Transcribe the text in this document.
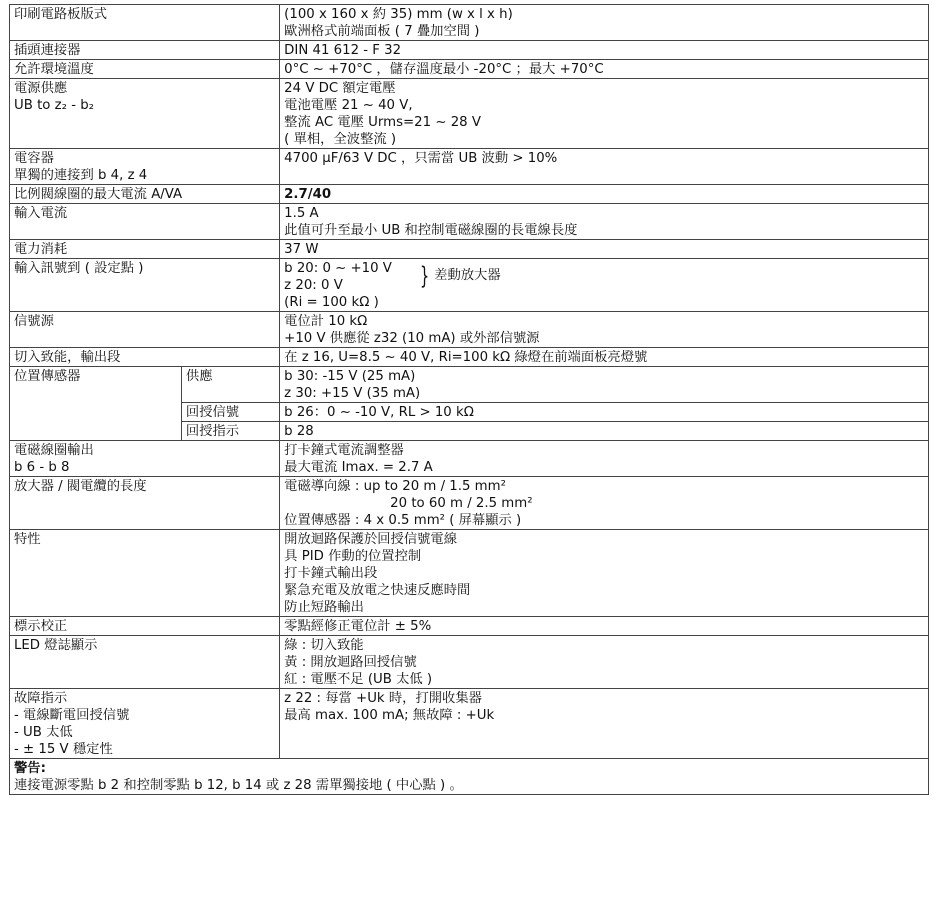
印刷電路板版式		(100 x 160 x 約 35) mm (w x l x h)
歐洲格式前端面板 ( 7 疊加空間 )

插頭連接器		DIN 41 612 - F 32

允許環境溫度		0°C ~ +70°C ，儲存溫度最小 -20°C ；最大 +70°C

電源供應
UB to z₂ - b₂		24 V DC 額定電壓
電池電壓 21 ~ 40 V,
整流 AC 電壓 Urms=21 ~ 28 V
( 單相，全波整流 )

電容器
單獨的連接到 b 4, z 4		4700 μF/63 V DC ，只需當 UB 波動 > 10%

比例閥線圈的最大電流 A/VA		2.7/40

輸入電流		1.5 A
此值可升至最小 UB 和控制電磁線圈的長電線長度

電力消耗		37 W

輸入訊號到 ( 設定點 )		b 20: 0 ~ +10 V
z 20: 0 V } 差動放大器
(Ri = 100 kΩ )

信號源		電位計 10 kΩ
+10 V 供應從 z32 (10 mA) 或外部信號源

切入致能，輸出段		在 z 16, U=8.5 ~ 40 V, Ri=100 kΩ 綠燈在前端面板亮燈號

位置傳感器	供應	b 30: -15 V (25 mA)
z 30: +15 V (35 mA)

	回授信號	b 26：0 ~ -10 V, RL > 10 kΩ

	回授指示	b 28

電磁線圈輸出
b 6 - b 8		打卡鐘式電流調整器
最大電流 Imax. = 2.7 A

放大器 / 閥電纜的長度		電磁導向線 : up to 20 m / 1.5 mm²
20 to 60 m / 2.5 mm²
位置傳感器 : 4 x 0.5 mm² ( 屏幕顯示 )

特性		開放迴路保護於回授信號電線
具 PID 作動的位置控制
打卡鐘式輸出段
緊急充電及放電之快速反應時間
防止短路輸出

標示校正		零點經修正電位計 ± 5%

LED 燈誌顯示		綠 : 切入致能
黃 : 開放迴路回授信號
紅 : 電壓不足 (UB 太低 )

故障指示
- 電線斷電回授信號
- UB 太低
- ± 15 V 穩定性		z 22 : 每當 +Uk 時，打開收集器
最高 max. 100 mA; 無故障 : +Uk

警告:
連接電源零點 b 2 和控制零點 b 12, b 14 或 z 28 需單獨接地 ( 中心點 ) 。		
